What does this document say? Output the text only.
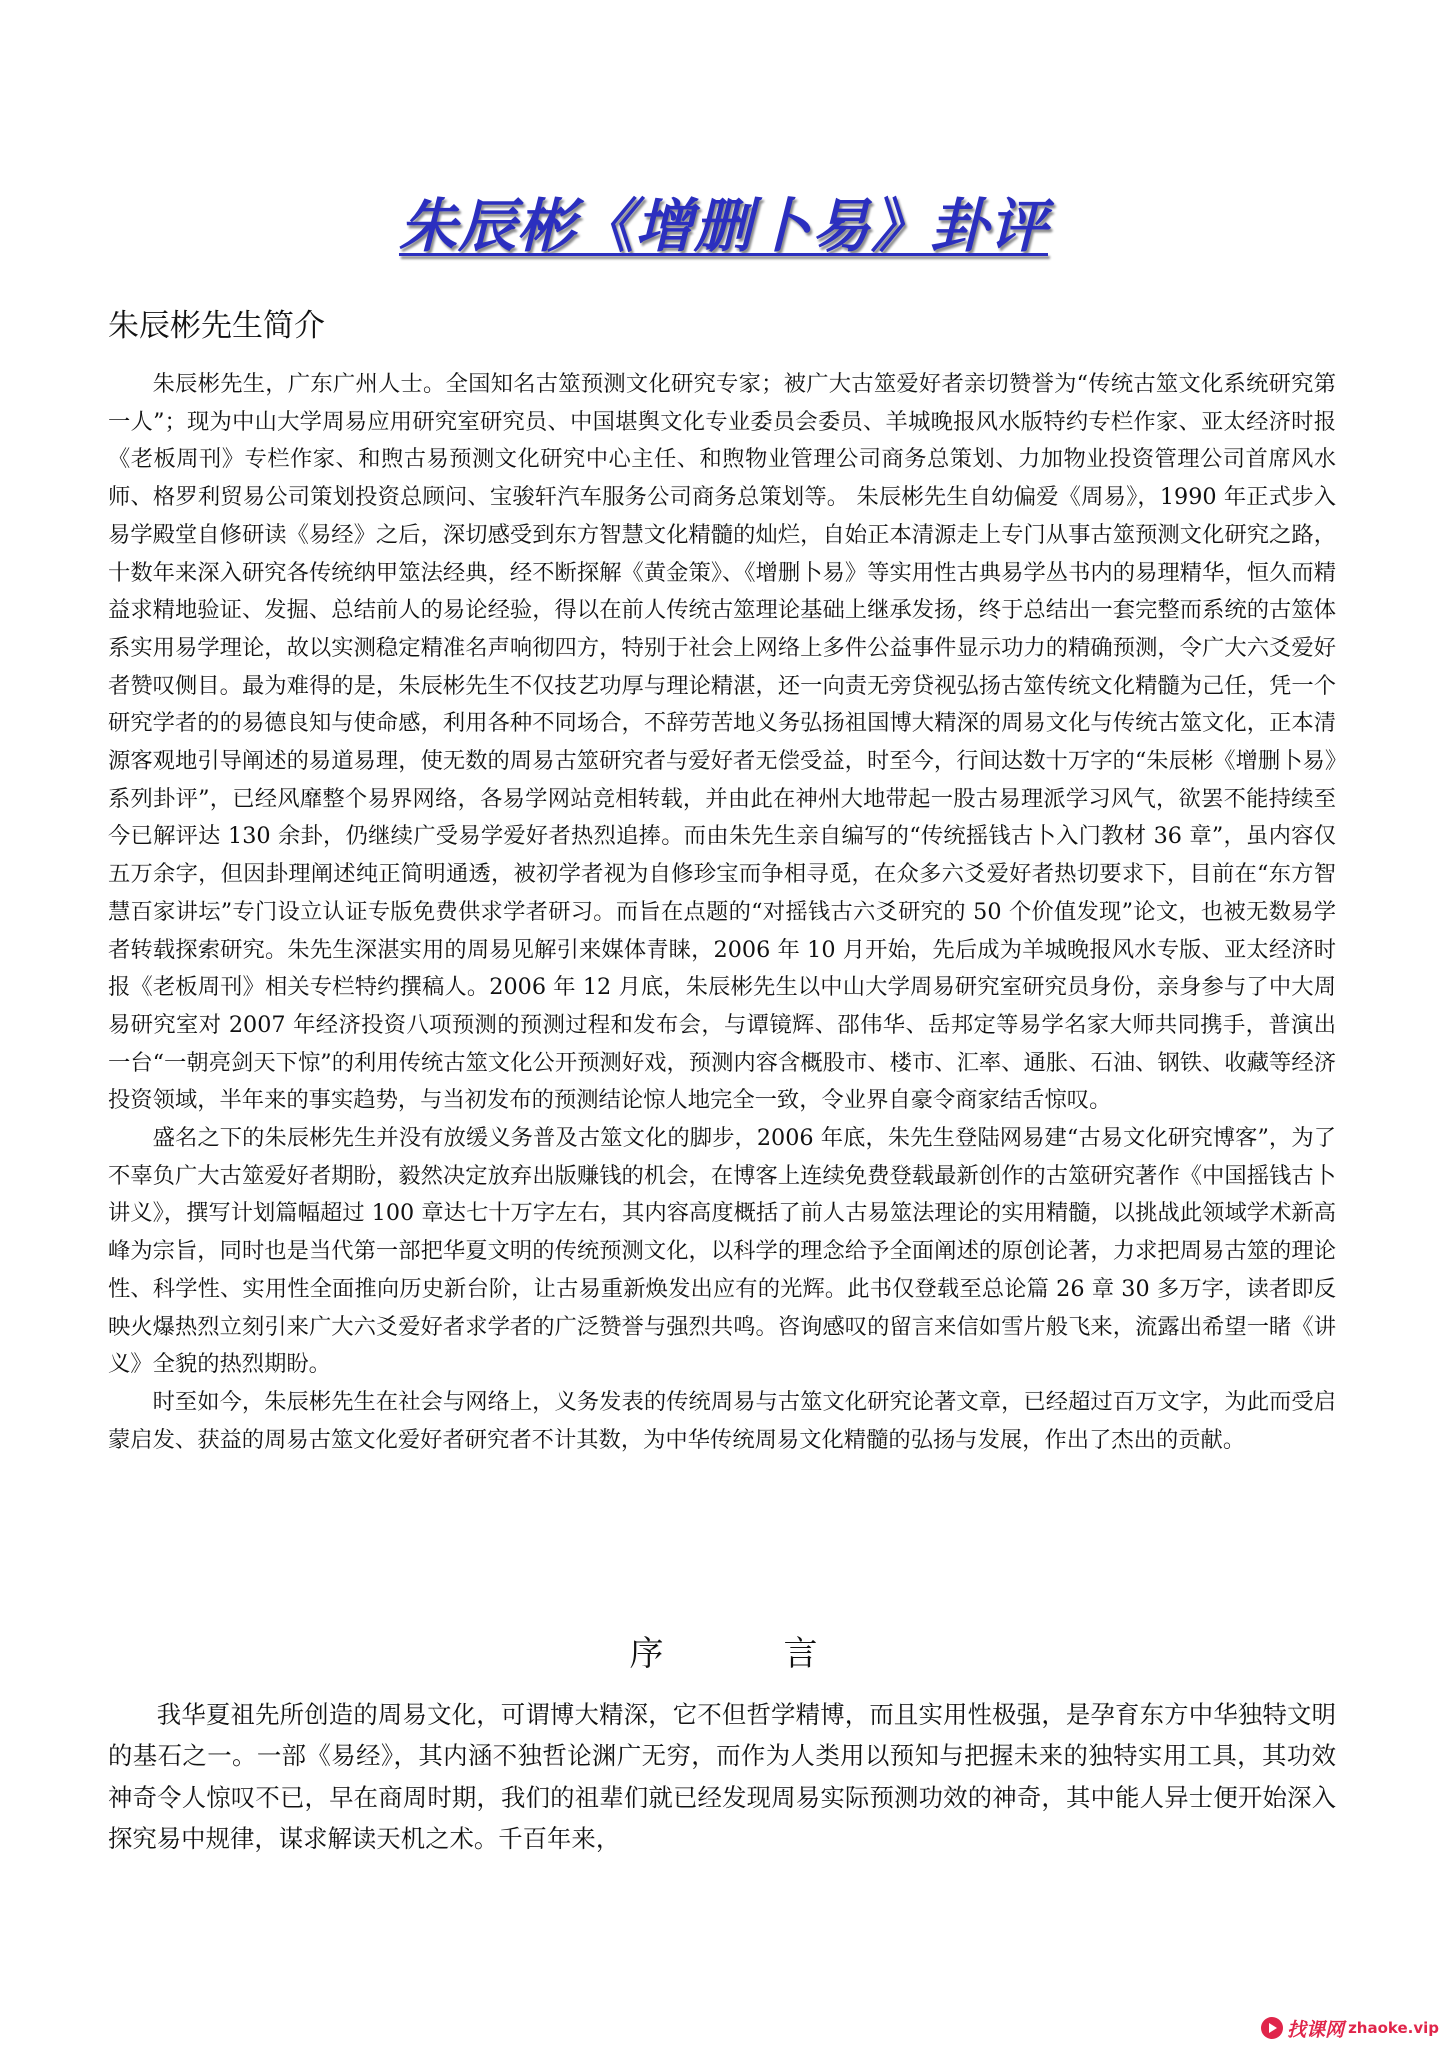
朱辰彬《增删卜易》卦评
朱辰彬先生简介

朱辰彬先生，广东广州人士。全国知名古筮预测文化研究专家；被广大古筮爱好者亲切赞誉为“传统古筮文化系统研究第一人”；现为中山大学周易应用研究室研究员、中国堪舆文化专业委员会委员、羊城晚报风水版特约专栏作家、亚太经济时报《老板周刊》专栏作家、和煦古易预测文化研究中心主任、和煦物业管理公司商务总策划、力加物业投资管理公司首席风水师、格罗利贸易公司策划投资总顾问、宝骏轩汽车服务公司商务总策划等。 朱辰彬先生自幼偏爱《周易》，1990 年正式步入易学殿堂自修研读《易经》之后，深切感受到东方智慧文化精髓的灿烂，自始正本清源走上专门从事古筮预测文化研究之路，十数年来深入研究各传统纳甲筮法经典，经不断探解《黄金策》、《增删卜易》等实用性古典易学丛书内的易理精华，恒久而精益求精地验证、发掘、总结前人的易论经验，得以在前人传统古筮理论基础上继承发扬，终于总结出一套完整而系统的古筮体系实用易学理论，故以实测稳定精准名声响彻四方，特别于社会上网络上多件公益事件显示功力的精确预测，令广大六爻爱好者赞叹侧目。最为难得的是，朱辰彬先生不仅技艺功厚与理论精湛，还一向责无旁贷视弘扬古筮传统文化精髓为己任，凭一个研究学者的的易德良知与使命感，利用各种不同场合，不辞劳苦地义务弘扬祖国博大精深的周易文化与传统古筮文化，正本清源客观地引导阐述的易道易理，使无数的周易古筮研究者与爱好者无偿受益，时至今，行间达数十万字的“朱辰彬《增删卜易》系列卦评”，已经风靡整个易界网络，各易学网站竞相转载，并由此在神州大地带起一股古易理派学习风气，欲罢不能持续至今已解评达 130 余卦，仍继续广受易学爱好者热烈追捧。而由朱先生亲自编写的“传统摇钱古卜入门教材 36 章”，虽内容仅五万余字，但因卦理阐述纯正简明通透，被初学者视为自修珍宝而争相寻觅，在众多六爻爱好者热切要求下，目前在“东方智慧百家讲坛”专门设立认证专版免费供求学者研习。而旨在点题的“对摇钱古六爻研究的 50 个价值发现”论文，也被无数易学者转载探索研究。朱先生深湛实用的周易见解引来媒体青睐，2006 年 10 月开始，先后成为羊城晚报风水专版、亚太经济时报《老板周刊》相关专栏特约撰稿人。2006 年 12 月底，朱辰彬先生以中山大学周易研究室研究员身份，亲身参与了中大周易研究室对 2007 年经济投资八项预测的预测过程和发布会，与谭镜辉、邵伟华、岳邦定等易学名家大师共同携手，普演出一台“一朝亮剑天下惊”的利用传统古筮文化公开预测好戏，预测内容含概股市、楼市、汇率、通胀、石油、钢铁、收藏等经济投资领域，半年来的事实趋势，与当初发布的预测结论惊人地完全一致，令业界自豪令商家结舌惊叹。

盛名之下的朱辰彬先生并没有放缓义务普及古筮文化的脚步，2006 年底，朱先生登陆网易建“古易文化研究博客”，为了不辜负广大古筮爱好者期盼，毅然决定放弃出版赚钱的机会，在博客上连续免费登载最新创作的古筮研究著作《中国摇钱古卜讲义》，撰写计划篇幅超过 100 章达七十万字左右，其内容高度概括了前人古易筮法理论的实用精髓，以挑战此领域学术新高峰为宗旨，同时也是当代第一部把华夏文明的传统预测文化，以科学的理念给予全面阐述的原创论著，力求把周易古筮的理论性、科学性、实用性全面推向历史新台阶，让古易重新焕发出应有的光辉。此书仅登载至总论篇 26 章 30 多万字，读者即反映火爆热烈立刻引来广大六爻爱好者求学者的广泛赞誉与强烈共鸣。咨询感叹的留言来信如雪片般飞来，流露出希望一睹《讲义》全貌的热烈期盼。

时至如今，朱辰彬先生在社会与网络上，义务发表的传统周易与古筮文化研究论著文章，已经超过百万文字，为此而受启蒙启发、获益的周易古筮文化爱好者研究者不计其数，为中华传统周易文化精髓的弘扬与发展，作出了杰出的贡献。

序言

我华夏祖先所创造的周易文化，可谓博大精深，它不但哲学精博，而且实用性极强，是孕育东方中华独特文明的基石之一。一部《易经》，其内涵不独哲论渊广无穷，而作为人类用以预知与把握未来的独特实用工具，其功效神奇令人惊叹不已，早在商周时期，我们的祖辈们就已经发现周易实际预测功效的神奇，其中能人异士便开始深入探究易中规律，谋求解读天机之术。千百年来，

找课网 zhaoke.vip
